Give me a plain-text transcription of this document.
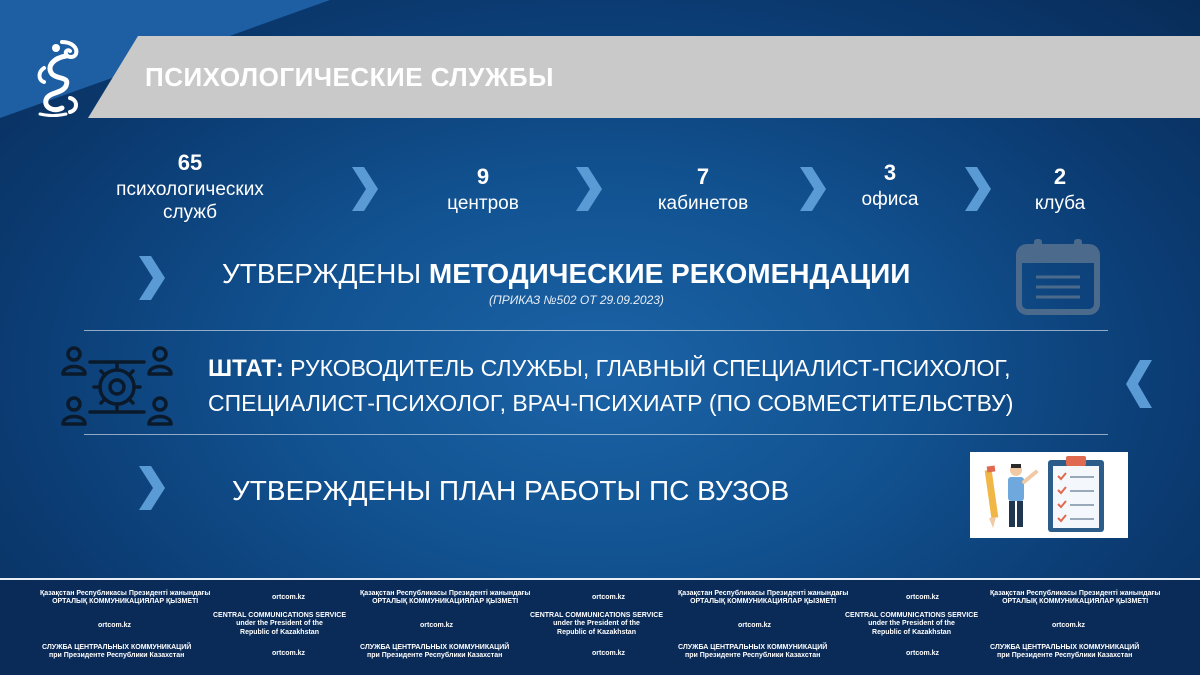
ПСИХОЛОГИЧЕСКИЕ СЛУЖБЫ
65
психологических
служб
9
центров
7
кабинетов
3
офиса
2
клуба
УТВЕРЖДЕНЫ МЕТОДИЧЕСКИЕ РЕКОМЕНДАЦИИ
(ПРИКАЗ №502 ОТ 29.09.2023)
ШТАТ: РУКОВОДИТЕЛЬ СЛУЖБЫ, ГЛАВНЫЙ СПЕЦИАЛИСТ-ПСИХОЛОГ,
СПЕЦИАЛИСТ-ПСИХОЛОГ, ВРАЧ-ПСИХИАТР (ПО СОВМЕСТИТЕЛЬСТВУ)
УТВЕРЖДЕНЫ ПЛАН РАБОТЫ ПС ВУЗОВ
Қазақстан Республикасы Президенті жанындағы
ОРТАЛЫҚ КОММУНИКАЦИЯЛАР ҚЫЗМЕТІ
ortcom.kz
Қазақстан Республикасы Президенті жанындағы
ОРТАЛЫҚ КОММУНИКАЦИЯЛАР ҚЫЗМЕТІ
ortcom.kz
Қазақстан Республикасы Президенті жанындағы
ОРТАЛЫҚ КОММУНИКАЦИЯЛАР ҚЫЗМЕТІ
ortcom.kz
Қазақстан Республикасы Президенті жанындағы
ОРТАЛЫҚ КОММУНИКАЦИЯЛАР ҚЫЗМЕТІ
ortcom.kz
CENTRAL COMMUNICATIONS SERVICE
under the President of the
Republic of Kazakhstan
ortcom.kz
CENTRAL COMMUNICATIONS SERVICE
under the President of the
Republic of Kazakhstan
ortcom.kz
CENTRAL COMMUNICATIONS SERVICE
under the President of the
Republic of Kazakhstan
ortcom.kz
СЛУЖБА ЦЕНТРАЛЬНЫХ КОММУНИКАЦИЙ
при Президенте Республики Казахстан	ortcom.kz
СЛУЖБА ЦЕНТРАЛЬНЫХ КОММУНИКАЦИЙ
при Президенте Республики Казахстан	ortcom.kz
СЛУЖБА ЦЕНТРАЛЬНЫХ КОММУНИКАЦИЙ
при Президенте Республики Казахстан	ortcom.kz
СЛУЖБА ЦЕНТРАЛЬНЫХ КОММУНИКАЦИЙ
при Президенте Республики Казахстан
